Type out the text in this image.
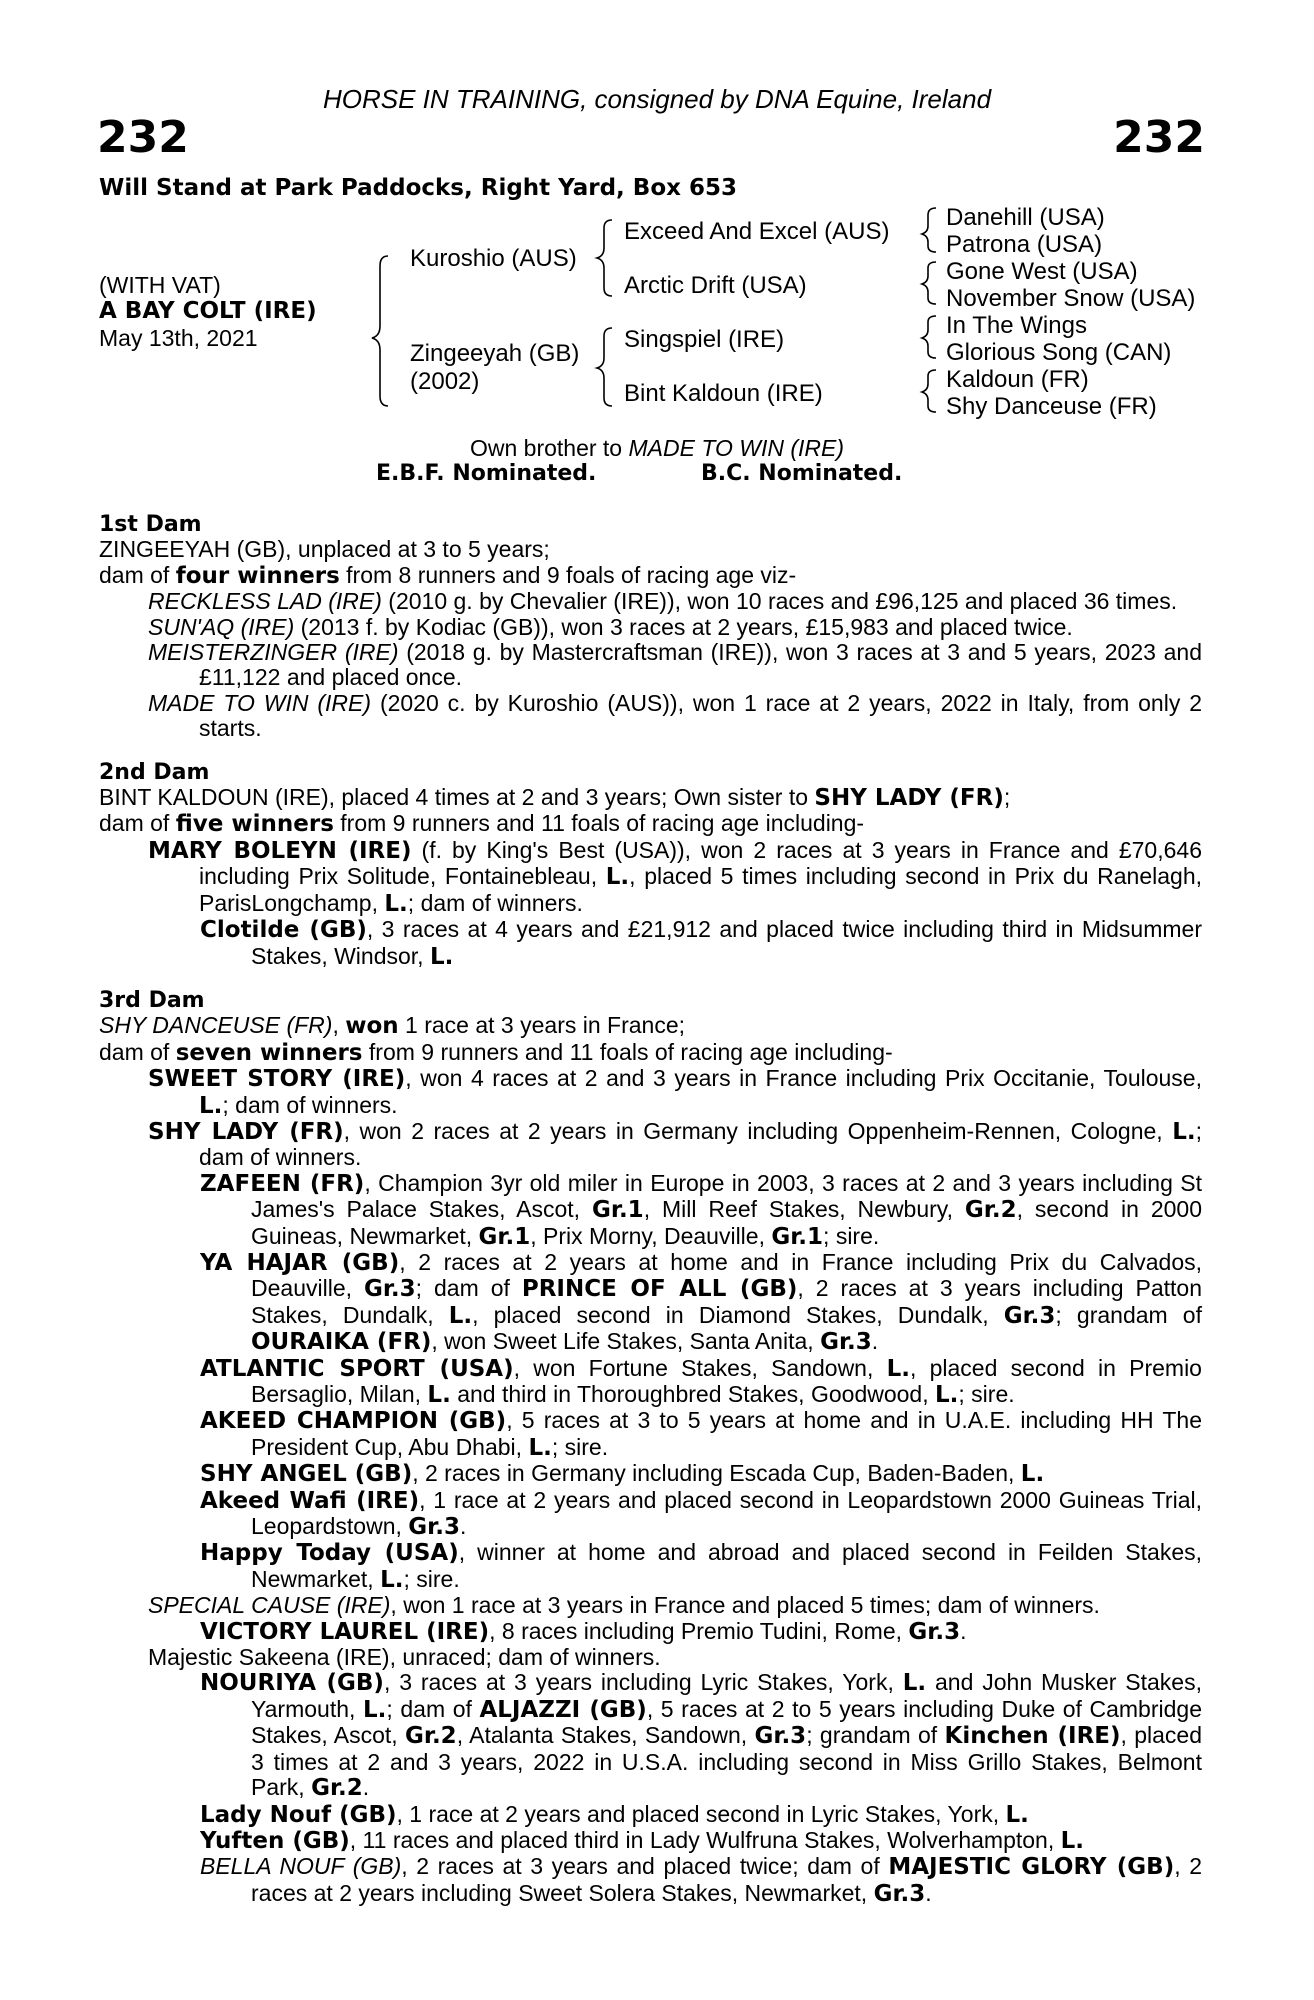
HORSE IN TRAINING, consigned by DNA Equine, Ireland
232	232
Will Stand at Park Paddocks, Right Yard, Box 653
(WITH VAT)
A BAY COLT (IRE)
May 13th, 2021
Kuroshio (AUS)
Zingeeyah (GB)
(2002)
Exceed And Excel (AUS)
Arctic Drift (USA)
Singspiel (IRE)
Bint Kaldoun (IRE)
Danehill (USA)
Patrona (USA)
Gone West (USA)
November Snow (USA)
In The Wings
Glorious Song (CAN)
Kaldoun (FR)
Shy Danceuse (FR)
Own brother to MADE TO WIN (IRE)
E.B.F. Nominated.	B.C. Nominated.

1st Dam

ZINGEEYAH (GB), unplaced at 3 to 5 years;

dam of four winners from 8 runners and 9 foals of racing age viz-

RECKLESS LAD (IRE) (2010 g. by Chevalier (IRE)), won 10 races and £96,125 and placed 36 times.

SUN'AQ (IRE) (2013 f. by Kodiac (GB)), won 3 races at 2 years, £15,983 and placed twice.

MEISTERZINGER (IRE) (2018 g. by Mastercraftsman (IRE)), won 3 races at 3 and 5 years, 2023 and £11,122 and placed once.

MADE TO WIN (IRE) (2020 c. by Kuroshio (AUS)), won 1 race at 2 years, 2022 in Italy, from only 2 starts.

2nd Dam

BINT KALDOUN (IRE), placed 4 times at 2 and 3 years; Own sister to SHY LADY (FR);

dam of five winners from 9 runners and 11 foals of racing age including-

MARY BOLEYN (IRE) (f. by King's Best (USA)), won 2 races at 3 years in France and £70,646 including Prix Solitude, Fontainebleau, L., placed 5 times including second in Prix du Ranelagh, ParisLongchamp, L.; dam of winners.

Clotilde (GB), 3 races at 4 years and £21,912 and placed twice including third in Midsummer Stakes, Windsor, L.

3rd Dam

SHY DANCEUSE (FR), won 1 race at 3 years in France;

dam of seven winners from 9 runners and 11 foals of racing age including-

SWEET STORY (IRE), won 4 races at 2 and 3 years in France including Prix Occitanie, Toulouse, L.; dam of winners.

SHY LADY (FR), won 2 races at 2 years in Germany including Oppenheim-Rennen, Cologne, L.; dam of winners.

ZAFEEN (FR), Champion 3yr old miler in Europe in 2003, 3 races at 2 and 3 years including St James's Palace Stakes, Ascot, Gr.1, Mill Reef Stakes, Newbury, Gr.2, second in 2000 Guineas, Newmarket, Gr.1, Prix Morny, Deauville, Gr.1; sire.

YA HAJAR (GB), 2 races at 2 years at home and in France including Prix du Calvados, Deauville, Gr.3; dam of PRINCE OF ALL (GB), 2 races at 3 years including Patton Stakes, Dundalk, L., placed second in Diamond Stakes, Dundalk, Gr.3; grandam of OURAIKA (FR), won Sweet Life Stakes, Santa Anita, Gr.3.

ATLANTIC SPORT (USA), won Fortune Stakes, Sandown, L., placed second in Premio Bersaglio, Milan, L. and third in Thoroughbred Stakes, Goodwood, L.; sire.

AKEED CHAMPION (GB), 5 races at 3 to 5 years at home and in U.A.E. including HH The President Cup, Abu Dhabi, L.; sire.

SHY ANGEL (GB), 2 races in Germany including Escada Cup, Baden-Baden, L.

Akeed Wafi (IRE), 1 race at 2 years and placed second in Leopardstown 2000 Guineas Trial, Leopardstown, Gr.3.

Happy Today (USA), winner at home and abroad and placed second in Feilden Stakes, Newmarket, L.; sire.

SPECIAL CAUSE (IRE), won 1 race at 3 years in France and placed 5 times; dam of winners.

VICTORY LAUREL (IRE), 8 races including Premio Tudini, Rome, Gr.3.

Majestic Sakeena (IRE), unraced; dam of winners.

NOURIYA (GB), 3 races at 3 years including Lyric Stakes, York, L. and John Musker Stakes, Yarmouth, L.; dam of ALJAZZI (GB), 5 races at 2 to 5 years including Duke of Cambridge Stakes, Ascot, Gr.2, Atalanta Stakes, Sandown, Gr.3; grandam of Kinchen (IRE), placed 3 times at 2 and 3 years, 2022 in U.S.A. including second in Miss Grillo Stakes, Belmont Park, Gr.2.

Lady Nouf (GB), 1 race at 2 years and placed second in Lyric Stakes, York, L.

Yuften (GB), 11 races and placed third in Lady Wulfruna Stakes, Wolverhampton, L.

BELLA NOUF (GB), 2 races at 3 years and placed twice; dam of MAJESTIC GLORY (GB), 2 races at 2 years including Sweet Solera Stakes, Newmarket, Gr.3.
